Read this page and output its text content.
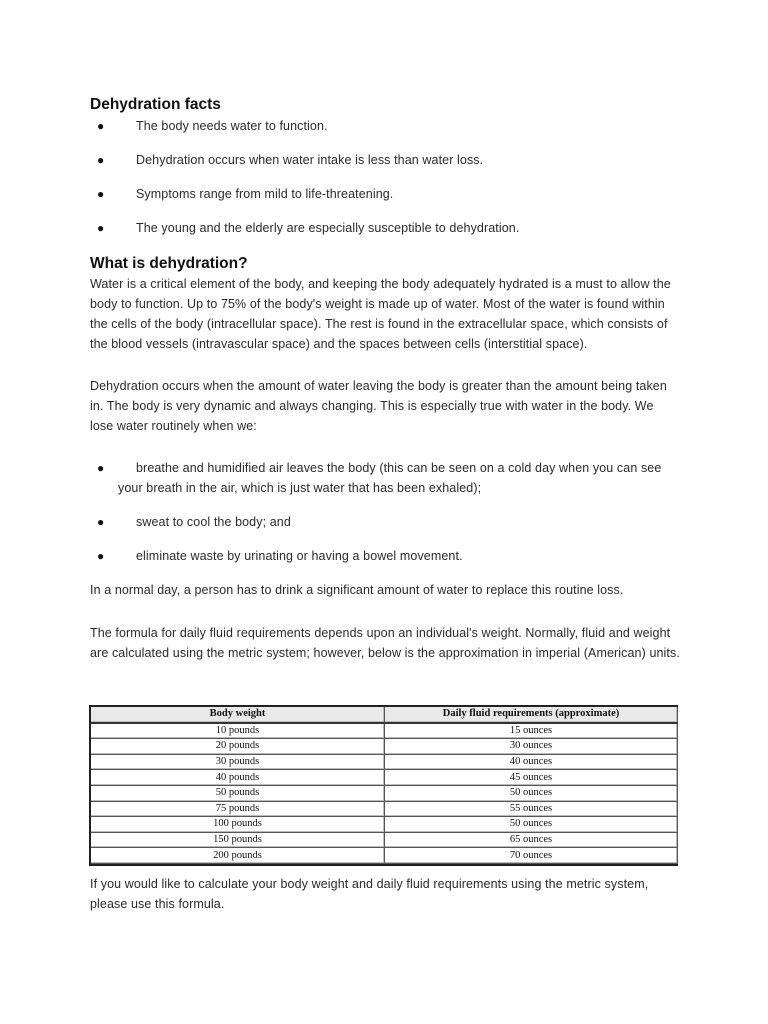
Dehydration facts
●	The body needs water to function.
●	Dehydration occurs when water intake is less than water loss.
●	Symptoms range from mild to life-threatening.
●	The young and the elderly are especially susceptible to dehydration.
What is dehydration?

Water is a critical element of the body, and keeping the body adequately hydrated is a must to allow the body to function. Up to 75% of the body's weight is made up of water. Most of the water is found within the cells of the body (intracellular space). The rest is found in the extracellular space, which consists of the blood vessels (intravascular space) and the spaces between cells (interstitial space).

Dehydration occurs when the amount of water leaving the body is greater than the amount being taken in. The body is very dynamic and always changing. This is especially true with water in the body. We lose water routinely when we:

●	breathe and humidified air leaves the body (this can be seen on a cold day when you can see your breath in the air, which is just water that has been exhaled);
●	sweat to cool the body; and
●	eliminate waste by urinating or having a bowel movement.

In a normal day, a person has to drink a significant amount of water to replace this routine loss.

The formula for daily fluid requirements depends upon an individual's weight. Normally, fluid and weight are calculated using the metric system; however, below is the approximation in imperial (American) units.

Body weight	Daily fluid requirements (approximate)
10 pounds	15 ounces
20 pounds	30 ounces
30 pounds	40 ounces
40 pounds	45 ounces
50 pounds	50 ounces
75 pounds	55 ounces
100 pounds	50 ounces
150 pounds	65 ounces
200 pounds	70 ounces

If you would like to calculate your body weight and daily fluid requirements using the metric system, please use this formula.
